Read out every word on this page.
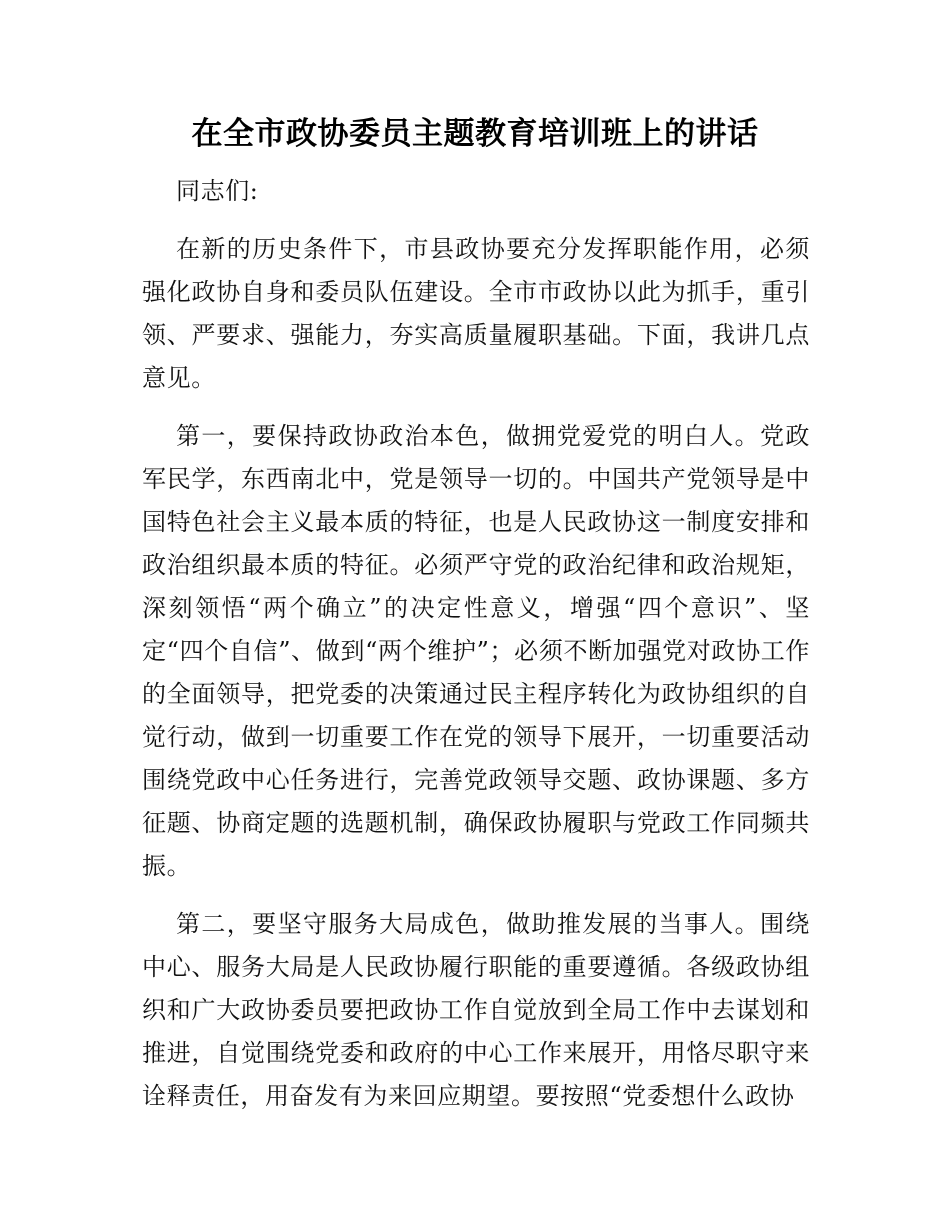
在全市政协委员主题教育培训班上的讲话

同志们:

在新的历史条件下，市县政协要充分发挥职能作用，必须强化政协自身和委员队伍建设。全市市政协以此为抓手，重引领、严要求、强能力，夯实高质量履职基础。下面，我讲几点意见。

第一，要保持政协政治本色，做拥党爱党的明白人。党政军民学，东西南北中，党是领导一切的。中国共产党领导是中国特色社会主义最本质的特征，也是人民政协这一制度安排和政治组织最本质的特征。必须严守党的政治纪律和政治规矩，深刻领悟“两个确立”的决定性意义，增强“四个意识”、坚定“四个自信”、做到“两个维护”；必须不断加强党对政协工作的全面领导，把党委的决策通过民主程序转化为政协组织的自觉行动，做到一切重要工作在党的领导下展开，一切重要活动围绕党政中心任务进行，完善党政领导交题、政协课题、多方征题、协商定题的选题机制，确保政协履职与党政工作同频共振。

第二，要坚守服务大局成色，做助推发展的当事人。围绕中心、服务大局是人民政协履行职能的重要遵循。各级政协组织和广大政协委员要把政协工作自觉放到全局工作中去谋划和推进，自觉围绕党委和政府的中心工作来展开，用恪尽职守来诠释责任，用奋发有为来回应期望。要按照“党委想什么政协
